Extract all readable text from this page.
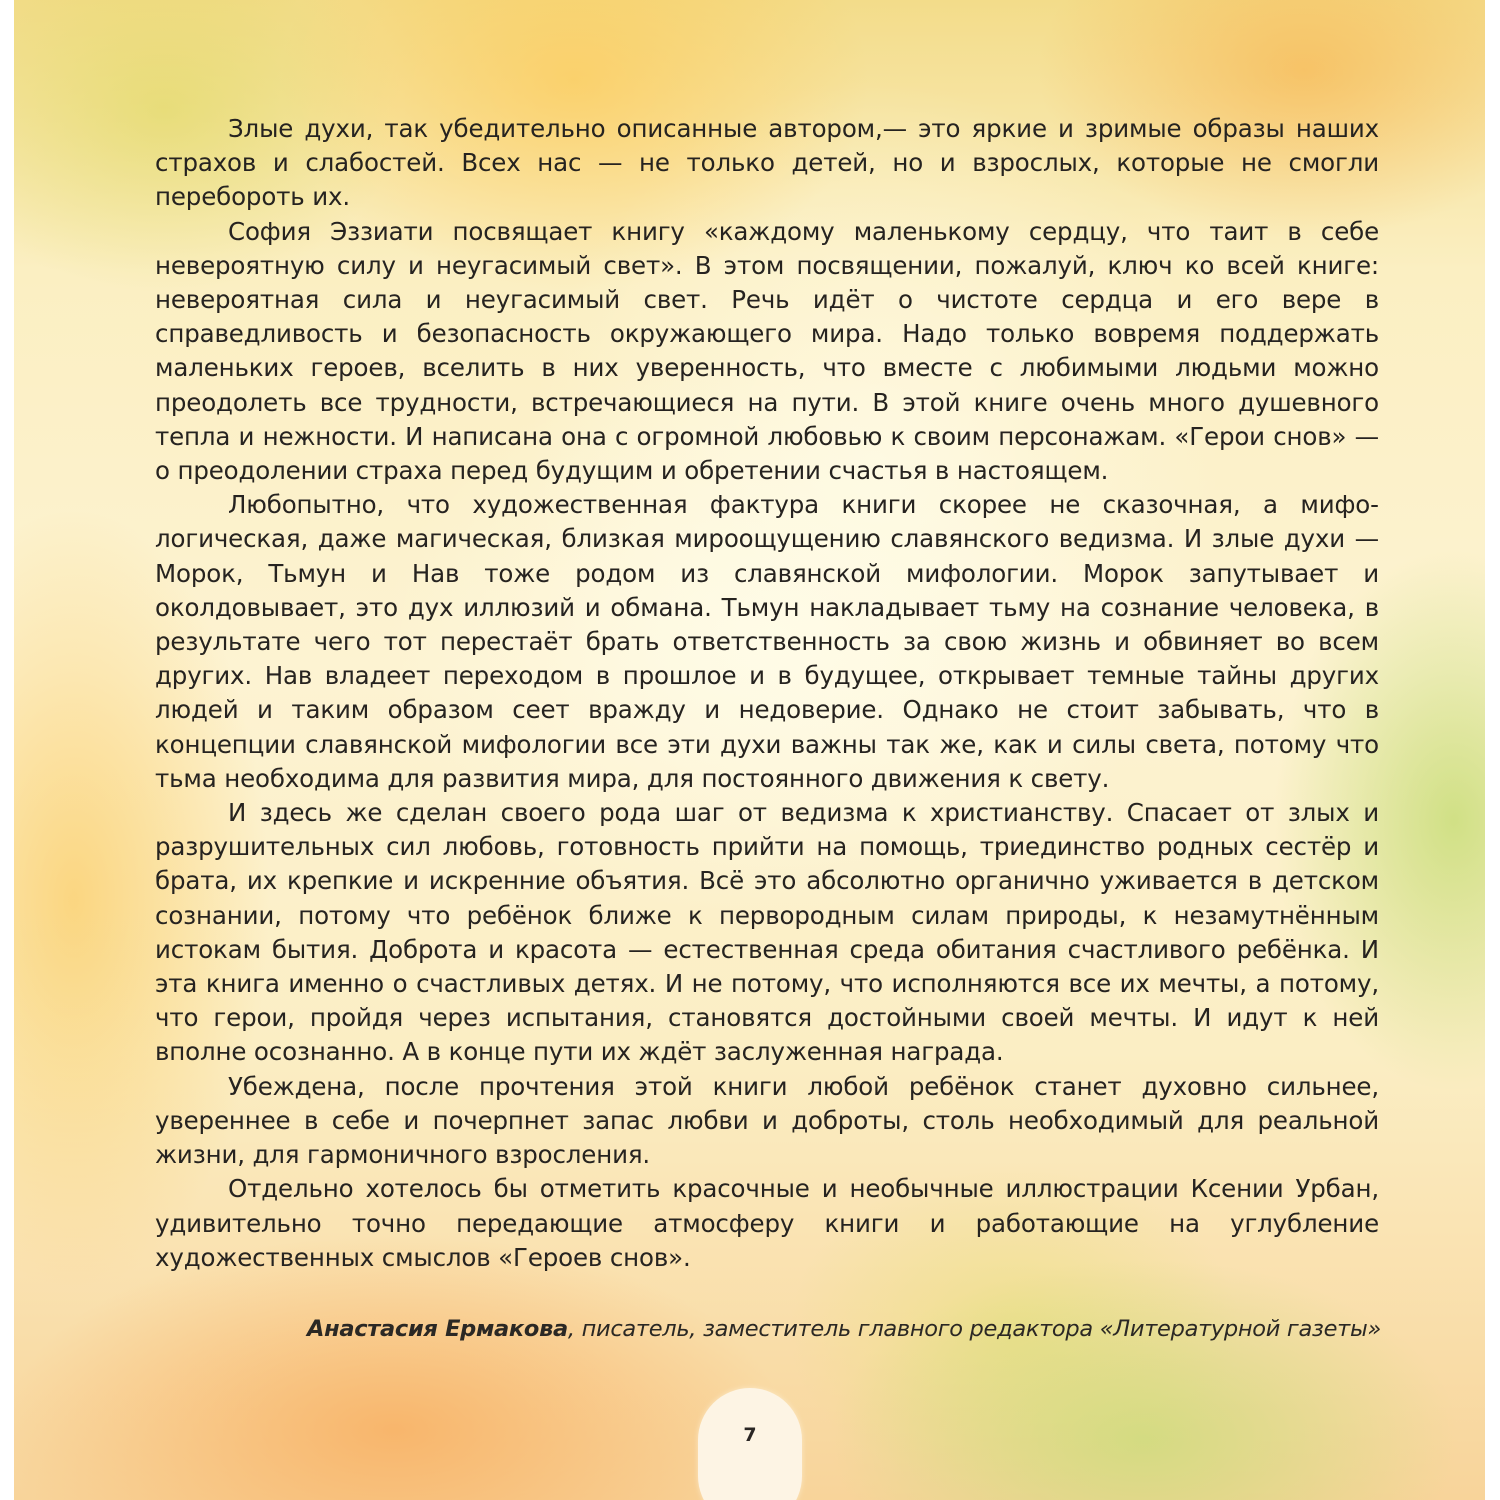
Злые духи, так убедительно описанные автором,— это яркие и зримые образы наших страхов и слабостей. Всех нас — не только детей, но и взрослых, которые не смогли перебороть их.

София Эззиати посвящает книгу «каждому маленькому сердцу, что таит в себе невероятную силу и неугасимый свет». В этом посвящении, пожалуй, ключ ко всей книге: невероятная сила и неугасимый свет. Речь идёт о чистоте сердца и его вере в справедливость и безопасность окружающего мира. Надо только вовремя поддержать маленьких героев, вселить в них уверенность, что вместе с любимыми людьми можно преодолеть все трудности, встречающиеся на пути. В этой книге очень много душевного тепла и нежности. И написана она с огромной любовью к своим персонажам. «Герои снов» — о преодолении страха перед будущим и обретении счастья в настоящем.

Любопытно, что художественная фактура книги скорее не сказочная, а мифологическая, даже магическая, близкая мироощущению славянского ведизма. И злые духи — Морок, Тьмун и Нав тоже родом из славянской мифологии. Морок запутывает и околдовывает, это дух иллюзий и обмана. Тьмун накладывает тьму на сознание человека, в результате чего тот перестаёт брать ответственность за свою жизнь и обвиняет во всем других. Нав владеет переходом в прошлое и в будущее, открывает темные тайны других людей и таким образом сеет вражду и недоверие. Однако не стоит забывать, что в концепции славянской мифологии все эти духи важны так же, как и силы света, потому что тьма необходима для развития мира, для постоянного движения к свету.

И здесь же сделан своего рода шаг от ведизма к христианству. Спасает от злых и разрушительных сил любовь, готовность прийти на помощь, триединство родных сестёр и брата, их крепкие и искренние объятия. Всё это абсолютно органично уживается в детском сознании, потому что ребёнок ближе к первородным силам природы, к незамутнённым истокам бытия. Доброта и красота — естественная среда обитания счастливого ребёнка. И эта книга именно о счастливых детях. И не потому, что исполняются все их мечты, а потому, что герои, пройдя через испытания, становятся достойными своей мечты. И идут к ней вполне осознанно. А в конце пути их ждёт заслуженная награда.

Убеждена, после прочтения этой книги любой ребёнок станет духовно сильнее, увереннее в себе и почерпнет запас любви и доброты, столь необходимый для реальной жизни, для гармоничного взросления.

Отдельно хотелось бы отметить красочные и необычные иллюстрации Ксении Урбан, удивительно точно передающие атмосферу книги и работающие на углубление художественных смыслов «Героев снов».

Анастасия Ермакова, писатель, заместитель главного редактора «Литературной газеты»
7
